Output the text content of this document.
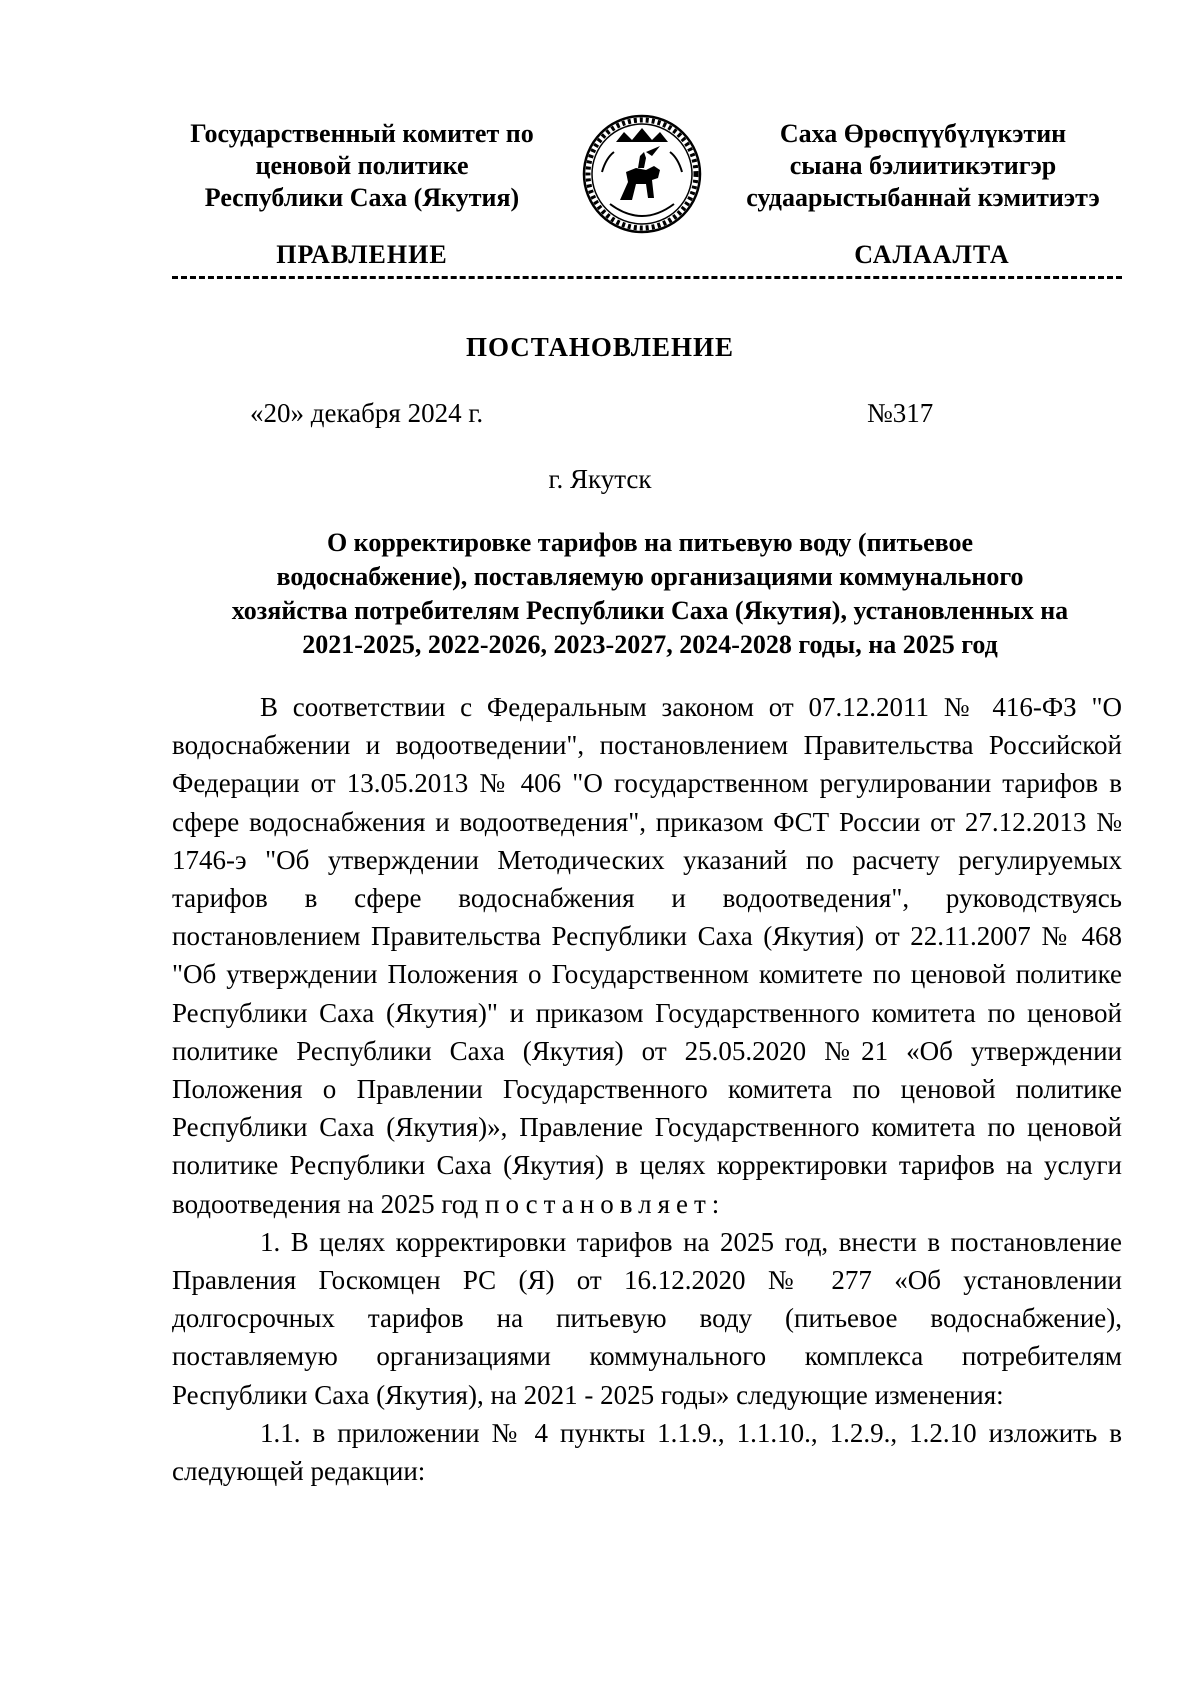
Государственный комитет по
ценовой политике
Республики Саха (Якутия)
Саха Өрөспүүбүлүкэтин
сыана бэлиитикэтигэр
судаарыстыбаннай кэмитиэтэ
ПРАВЛЕНИЕ	САЛААЛТА
ПОСТАНОВЛЕНИЕ
«20» декабря 2024 г.	№317
г. Якутск
О корректировке тарифов на питьевую воду (питьевое
водоснабжение), поставляемую организациями коммунального
хозяйства потребителям Республики Саха (Якутия), установленных на
2021-2025, 2022-2026, 2023-2027, 2024-2028 годы, на 2025 год

В соответствии с Федеральным законом от 07.12.2011 № 416-ФЗ "О водоснабжении и водоотведении", постановлением Правительства Российской Федерации от 13.05.2013 № 406 "О государственном регулировании тарифов в сфере водоснабжения и водоотведения", приказом ФСТ России от 27.12.2013 № 1746-э "Об утверждении Методических указаний по расчету регулируемых тарифов в сфере водоснабжения и водоотведения", руководствуясь постановлением Правительства Республики Саха (Якутия) от 22.11.2007 № 468 "Об утверждении Положения о Государственном комитете по ценовой политике Республики Саха (Якутия)" и приказом Государственного комитета по ценовой политике Республики Саха (Якутия) от 25.05.2020 №21 «Об утверждении Положения о Правлении Государственного комитета по ценовой политике Республики Саха (Якутия)», Правление Государственного комитета по ценовой политике Республики Саха (Якутия) в целях корректировки тарифов на услуги водоотведения на 2025 год постановляет:

1. В целях корректировки тарифов на 2025 год, внести в постановление Правления Госкомцен РС (Я) от 16.12.2020 № 277 «Об установлении долгосрочных тарифов на питьевую воду (питьевое водоснабжение), поставляемую организациями коммунального комплекса потребителям Республики Саха (Якутия), на 2021 - 2025 годы» следующие изменения:

1.1. в приложении № 4 пункты 1.1.9., 1.1.10., 1.2.9., 1.2.10 изложить в следующей редакции:
